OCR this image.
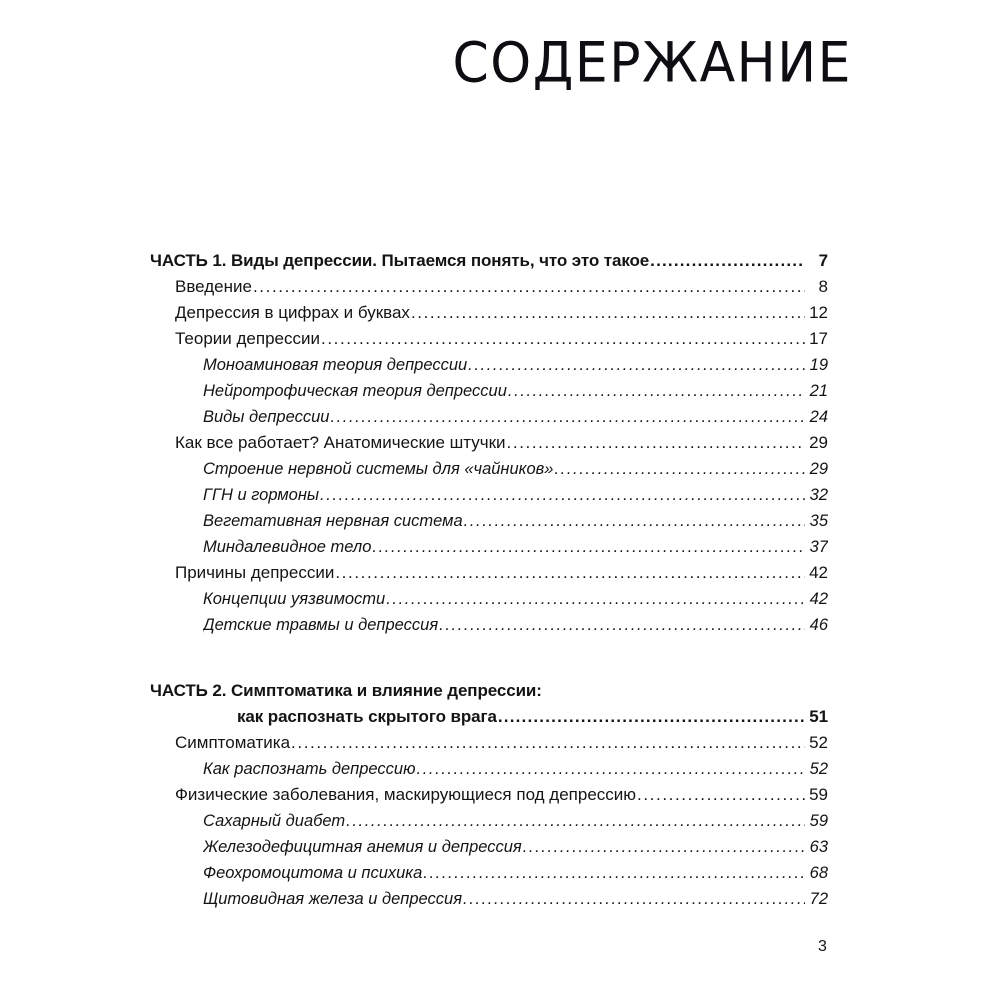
СОДЕРЖАНИЕ
ЧАСТЬ 1. Виды депрессии. Пытаемся понять, что это такое .....	7
Введение .....	8
Депрессия в цифрах и буквах .....	12
Теории депрессии .....	17
Моноаминовая теория депрессии .....	19
Нейротрофическая теория депрессии .....	21
Виды депрессии .....	24
Как все работает? Анатомические штучки .....	29
Строение нервной системы для «чайников» .....	29
ГГН и гормоны .....	32
Вегетативная нервная система .....	35
Миндалевидное тело .....	37
Причины депрессии .....	42
Концепции уязвимости .....	42
Детские травмы и депрессия .....	46
ЧАСТЬ 2. Симптоматика и влияние депрессии:
как распознать скрытого врага .....	51
Симптоматика .....	52
Как распознать депрессию .....	52
Физические заболевания, маскирующиеся под депрессию .....	59
Сахарный диабет .....	59
Железодефицитная анемия и депрессия .....	63
Феохромоцитома и психика .....	68
Щитовидная железа и депрессия .....	72
3
